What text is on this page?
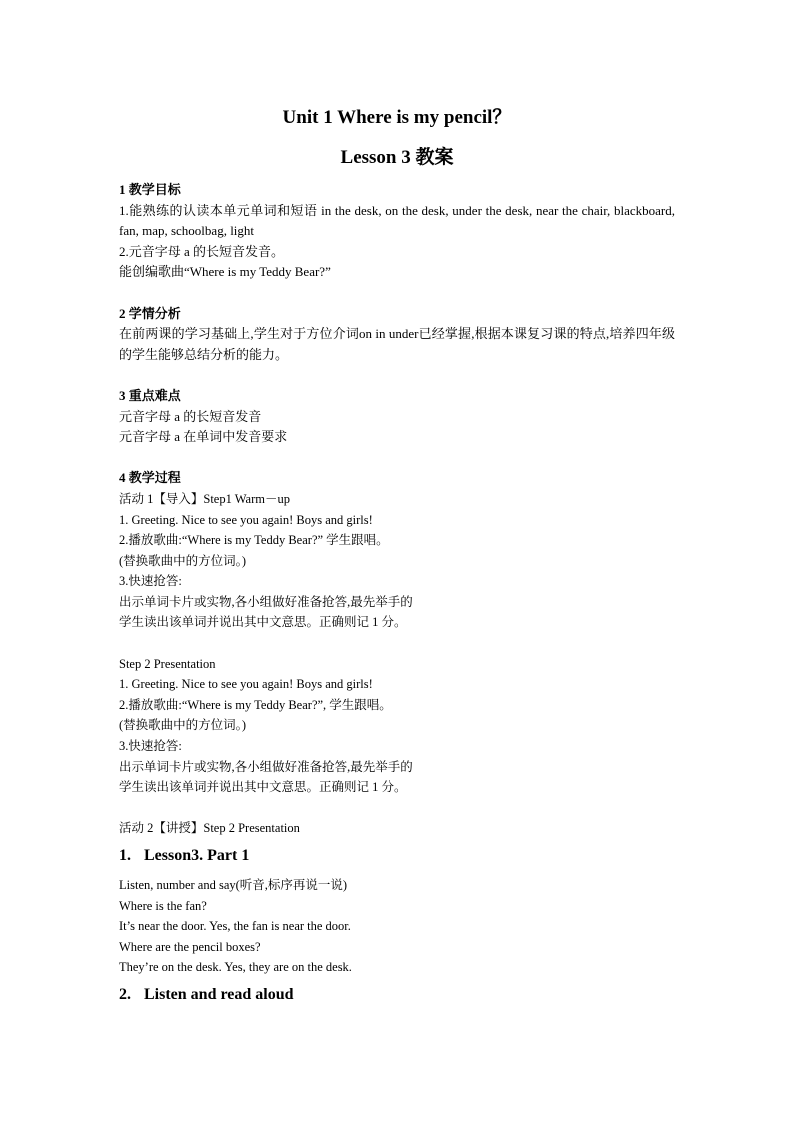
Unit 1 Where is my pencil？
Lesson 3 教案
1 教学目标
1.能熟练的认读本单元单词和短语 in the desk, on the desk, under the desk, near the chair, blackboard, fan, map, schoolbag, light
2.元音字母 a 的长短音发音。
能创编歌曲“Where is my Teddy Bear?”
2 学情分析
在前两课的学习基础上,学生对于方位介词on in under已经掌握,根据本课复习课的特点,培养四年级的学生能够总结分析的能力。
3 重点难点
元音字母 a 的长短音发音
元音字母 a 在单词中发音要求
4 教学过程
活动 1【导入】Step1 Warm－up
1. Greeting. Nice to see you again! Boys and girls!
2.播放歌曲:“Where is my Teddy Bear?” 学生跟唱。
(替换歌曲中的方位词。)
3.快速抢答:
出示单词卡片或实物,各小组做好准备抢答,最先举手的
学生读出该单词并说出其中文意思。正确则记 1 分。
Step 2 Presentation
1. Greeting. Nice to see you again! Boys and girls!
2.播放歌曲:“Where is my Teddy Bear?”, 学生跟唱。
(替换歌曲中的方位词。)
3.快速抢答:
出示单词卡片或实物,各小组做好准备抢答,最先举手的
学生读出该单词并说出其中文意思。正确则记 1 分。
活动 2【讲授】Step 2 Presentation
1. Lesson3. Part 1
Listen, number and say(听音,标序再说一说)
Where is the fan?
It’s near the door. Yes, the fan is near the door.
Where are the pencil boxes?
They’re on the desk. Yes, they are on the desk.
2. Listen and read aloud
